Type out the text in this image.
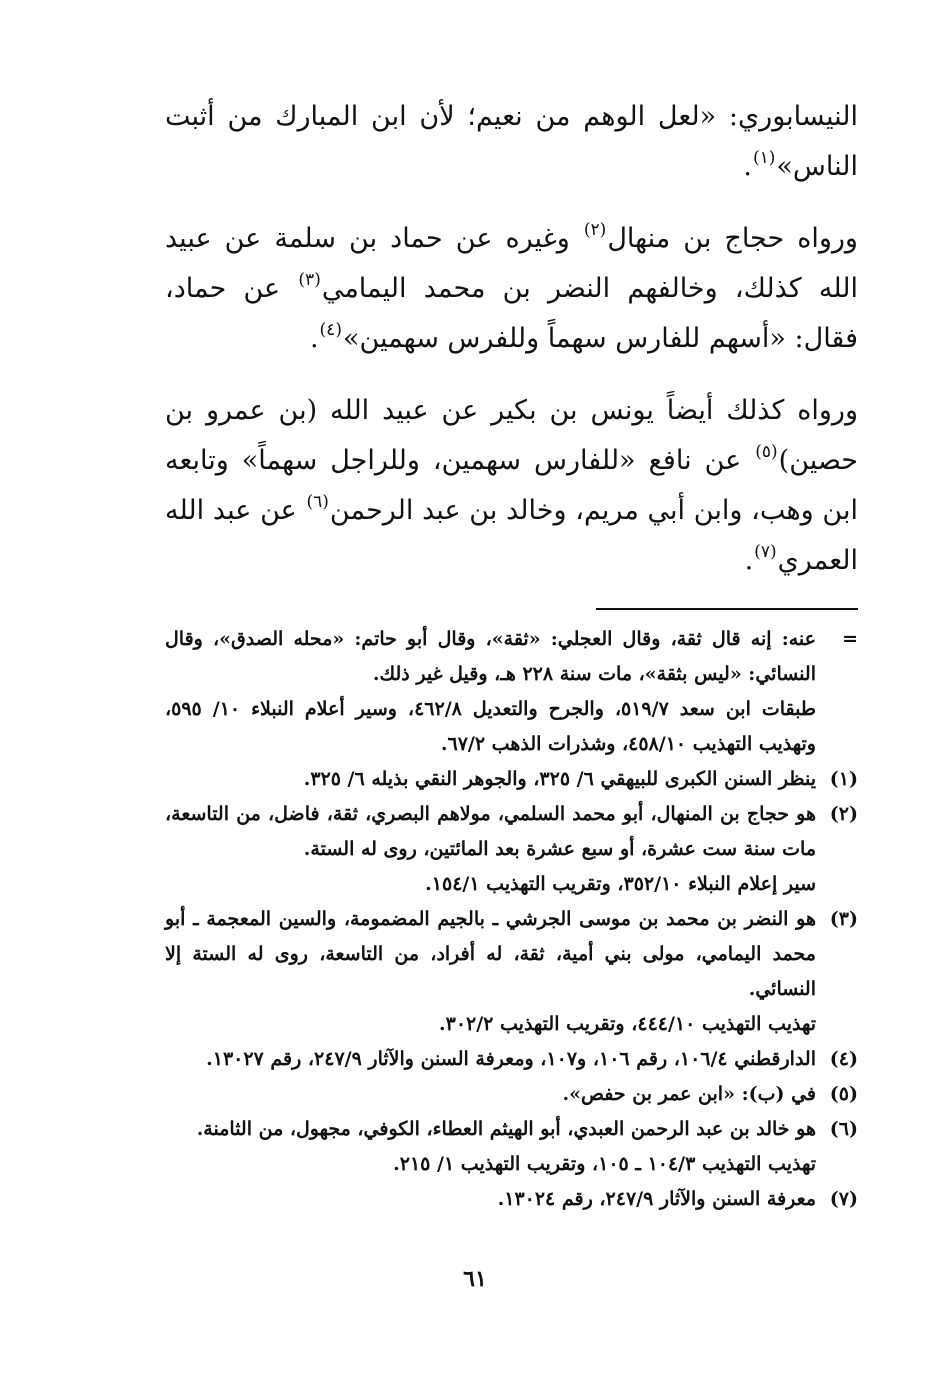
النيسابوري: «لعل الوهم من نعيم؛ لأن ابن المبارك من أثبت الناس»$^{(١)}$.

ورواه حجاج بن منهال$^{(٢)}$ وغيره عن حماد بن سلمة عن عبيد الله كذلك، وخالفهم النضر بن محمد اليمامي$^{(٣)}$ عن حماد، فقال: «أسهم للفارس سهماً وللفرس سهمين»$^{(٤)}$.

ورواه كذلك أيضاً يونس بن بكير عن عبيد الله (بن عمرو بن حصين)$^{(٥)}$ عن نافع «للفارس سهمين، وللراجل سهماً» وتابعه ابن وهب، وابن أبي مريم، وخالد بن عبد الرحمن$^{(٦)}$ عن عبد الله العمري$^{(٧)}$.

=
عنه: إنه قال ثقة، وقال العجلي: «ثقة»، وقال أبو حاتم: «محله الصدق»، وقال النسائي: «ليس بثقة»، مات سنة ٢٢٨ هـ، وقيل غير ذلك.
طبقات ابن سعد ٥١٩/٧، والجرح والتعديل ٤٦٢/٨، وسير أعلام النبلاء ١٠/ ٥٩٥، وتهذيب التهذيب ٤٥٨/١٠، وشذرات الذهب ٦٧/٢.
(١)
ينظر السنن الكبرى للبيهقي ٦/ ٣٢٥، والجوهر النقي بذيله ٦/ ٣٢٥.
(٢)
هو حجاج بن المنهال، أبو محمد السلمي، مولاهم البصري، ثقة، فاضل، من التاسعة، مات سنة ست عشرة، أو سبع عشرة بعد المائتين، روى له الستة.
سير إعلام النبلاء ٣٥٢/١٠، وتقريب التهذيب ١٥٤/١.
(٣)
هو النضر بن محمد بن موسى الجرشي ـ بالجيم المضمومة، والسين المعجمة ـ أبو محمد اليمامي، مولى بني أمية، ثقة، له أفراد، من التاسعة، روى له الستة إلا النسائي.
تهذيب التهذيب ٤٤٤/١٠، وتقريب التهذيب ٣٠٢/٢.
(٤)
الدارقطني ١٠٦/٤، رقم ١٠٦، و١٠٧، ومعرفة السنن والآثار ٢٤٧/٩، رقم ١٣٠٢٧.
(٥)
في (ب): «ابن عمر بن حفص».
(٦)
هو خالد بن عبد الرحمن العبدي، أبو الهيثم العطاء، الكوفي، مجهول، من الثامنة.
تهذيب التهذيب ١٠٤/٣ ـ ١٠٥، وتقريب التهذيب ١/ ٢١٥.
(٧)
معرفة السنن والآثار ٢٤٧/٩، رقم ١٣٠٢٤.
٦١
